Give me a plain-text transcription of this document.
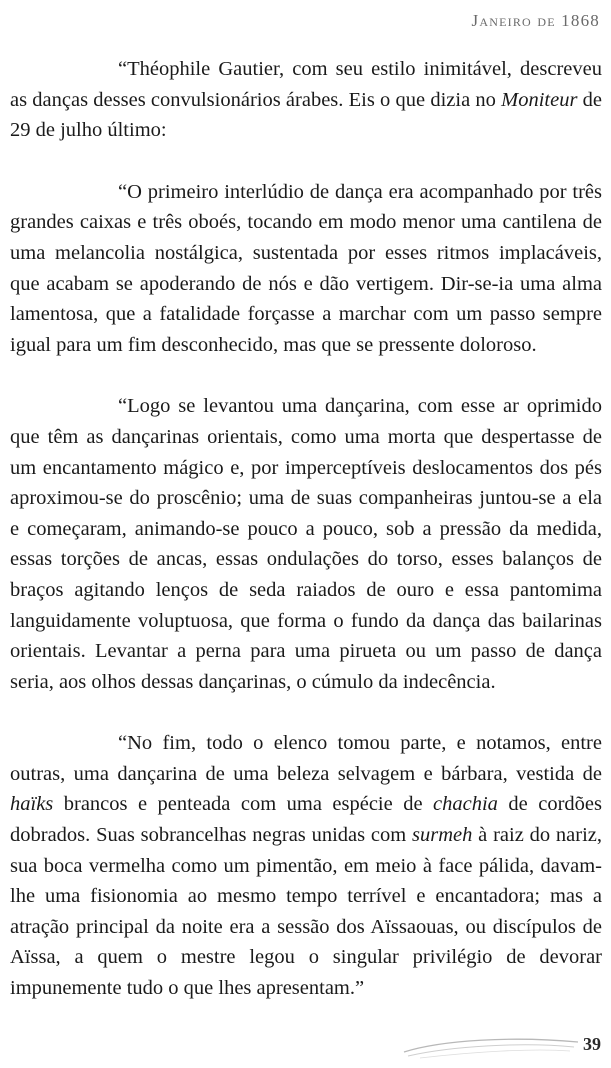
Janeiro de 1868

“Théophile Gautier, com seu estilo inimitável, descreveu as danças desses convulsionários árabes. Eis o que dizia no Moniteur de 29 de julho último:

“O primeiro interlúdio de dança era acompanhado por três grandes caixas e três oboés, tocando em modo menor uma cantilena de uma melancolia nostálgica, sustentada por esses ritmos implacáveis, que acabam se apoderando de nós e dão vertigem. Dir-se-ia uma alma lamentosa, que a fatalidade forçasse a marchar com um passo sempre igual para um fim desconhecido, mas que se pressente doloroso.

“Logo se levantou uma dançarina, com esse ar oprimido que têm as dançarinas orientais, como uma morta que despertasse de um encantamento mágico e, por imperceptíveis deslocamentos dos pés aproximou-se do proscênio; uma de suas companheiras juntou-se a ela e começaram, animando-se pouco a pouco, sob a pressão da medida, essas torções de ancas, essas ondulações do torso, esses balanços de braços agitando lenços de seda raiados de ouro e essa pantomima languidamente voluptuosa, que forma o fundo da dança das bailarinas orientais. Levantar a perna para uma pirueta ou um passo de dança seria, aos olhos dessas dançarinas, o cúmulo da indecência.

“No fim, todo o elenco tomou parte, e notamos, entre outras, uma dançarina de uma beleza selvagem e bárbara, vestida de haïks brancos e penteada com uma espécie de chachia de cordões dobrados. Suas sobrancelhas negras unidas com surmeh à raiz do nariz, sua boca vermelha como um pimentão, em meio à face pálida, davam-lhe uma fisionomia ao mesmo tempo terrível e encantadora; mas a atração principal da noite era a sessão dos Aïssaouas, ou discípulos de Aïssa, a quem o mestre legou o singular privilégio de devorar impunemente tudo o que lhes apresentam.”

39
